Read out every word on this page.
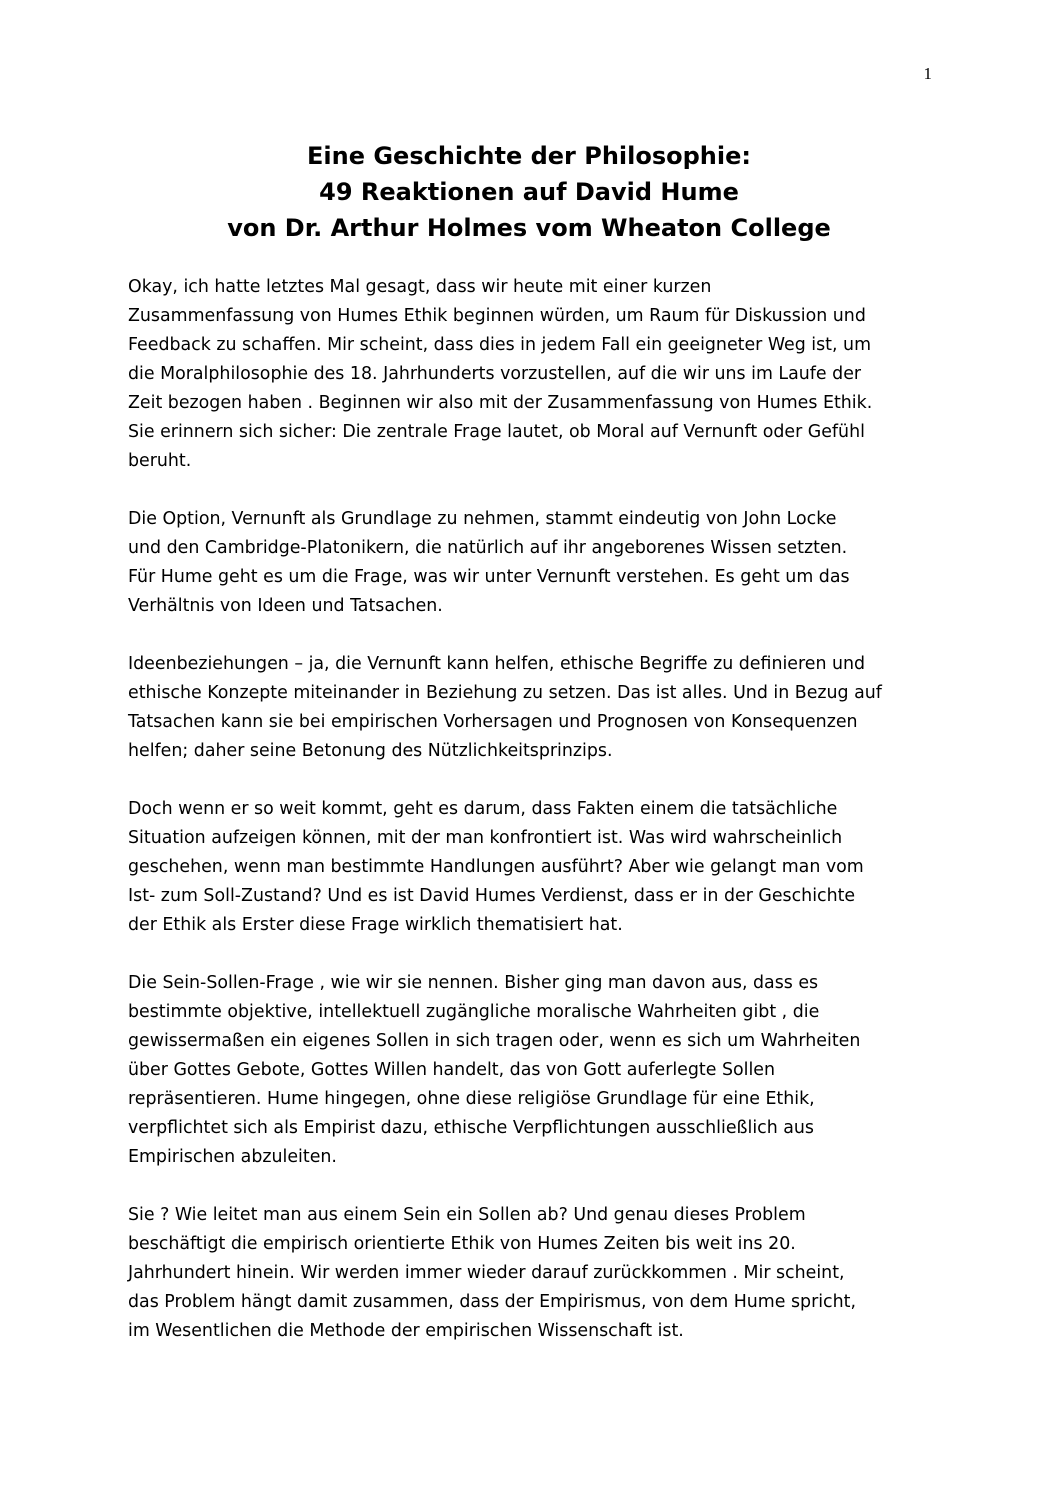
1
Eine Geschichte der Philosophie:
49 Reaktionen auf David Hume
von Dr. Arthur Holmes vom Wheaton College

Okay, ich hatte letztes Mal gesagt, dass wir heute mit einer kurzen
Zusammenfassung von Humes Ethik beginnen würden, um Raum für Diskussion und
Feedback zu schaffen. Mir scheint, dass dies in jedem Fall ein geeigneter Weg ist, um
die Moralphilosophie des 18. Jahrhunderts vorzustellen, auf die wir uns im Laufe der
Zeit bezogen haben . Beginnen wir also mit der Zusammenfassung von Humes Ethik.
Sie erinnern sich sicher: Die zentrale Frage lautet, ob Moral auf Vernunft oder Gefühl
beruht.

Die Option, Vernunft als Grundlage zu nehmen, stammt eindeutig von John Locke
und den Cambridge-Platonikern, die natürlich auf ihr angeborenes Wissen setzten.
Für Hume geht es um die Frage, was wir unter Vernunft verstehen. Es geht um das
Verhältnis von Ideen und Tatsachen.

Ideenbeziehungen – ja, die Vernunft kann helfen, ethische Begriffe zu definieren und
ethische Konzepte miteinander in Beziehung zu setzen. Das ist alles. Und in Bezug auf
Tatsachen kann sie bei empirischen Vorhersagen und Prognosen von Konsequenzen
helfen; daher seine Betonung des Nützlichkeitsprinzips.

Doch wenn er so weit kommt, geht es darum, dass Fakten einem die tatsächliche
Situation aufzeigen können, mit der man konfrontiert ist. Was wird wahrscheinlich
geschehen, wenn man bestimmte Handlungen ausführt? Aber wie gelangt man vom
Ist- zum Soll-Zustand? Und es ist David Humes Verdienst, dass er in der Geschichte
der Ethik als Erster diese Frage wirklich thematisiert hat.

Die Sein-Sollen-Frage , wie wir sie nennen. Bisher ging man davon aus, dass es
bestimmte objektive, intellektuell zugängliche moralische Wahrheiten gibt , die
gewissermaßen ein eigenes Sollen in sich tragen oder, wenn es sich um Wahrheiten
über Gottes Gebote, Gottes Willen handelt, das von Gott auferlegte Sollen
repräsentieren. Hume hingegen, ohne diese religiöse Grundlage für eine Ethik,
verpflichtet sich als Empirist dazu, ethische Verpflichtungen ausschließlich aus
Empirischen abzuleiten.

Sie ? Wie leitet man aus einem Sein ein Sollen ab? Und genau dieses Problem
beschäftigt die empirisch orientierte Ethik von Humes Zeiten bis weit ins 20.
Jahrhundert hinein. Wir werden immer wieder darauf zurückkommen . Mir scheint,
das Problem hängt damit zusammen, dass der Empirismus, von dem Hume spricht,
im Wesentlichen die Methode der empirischen Wissenschaft ist.
